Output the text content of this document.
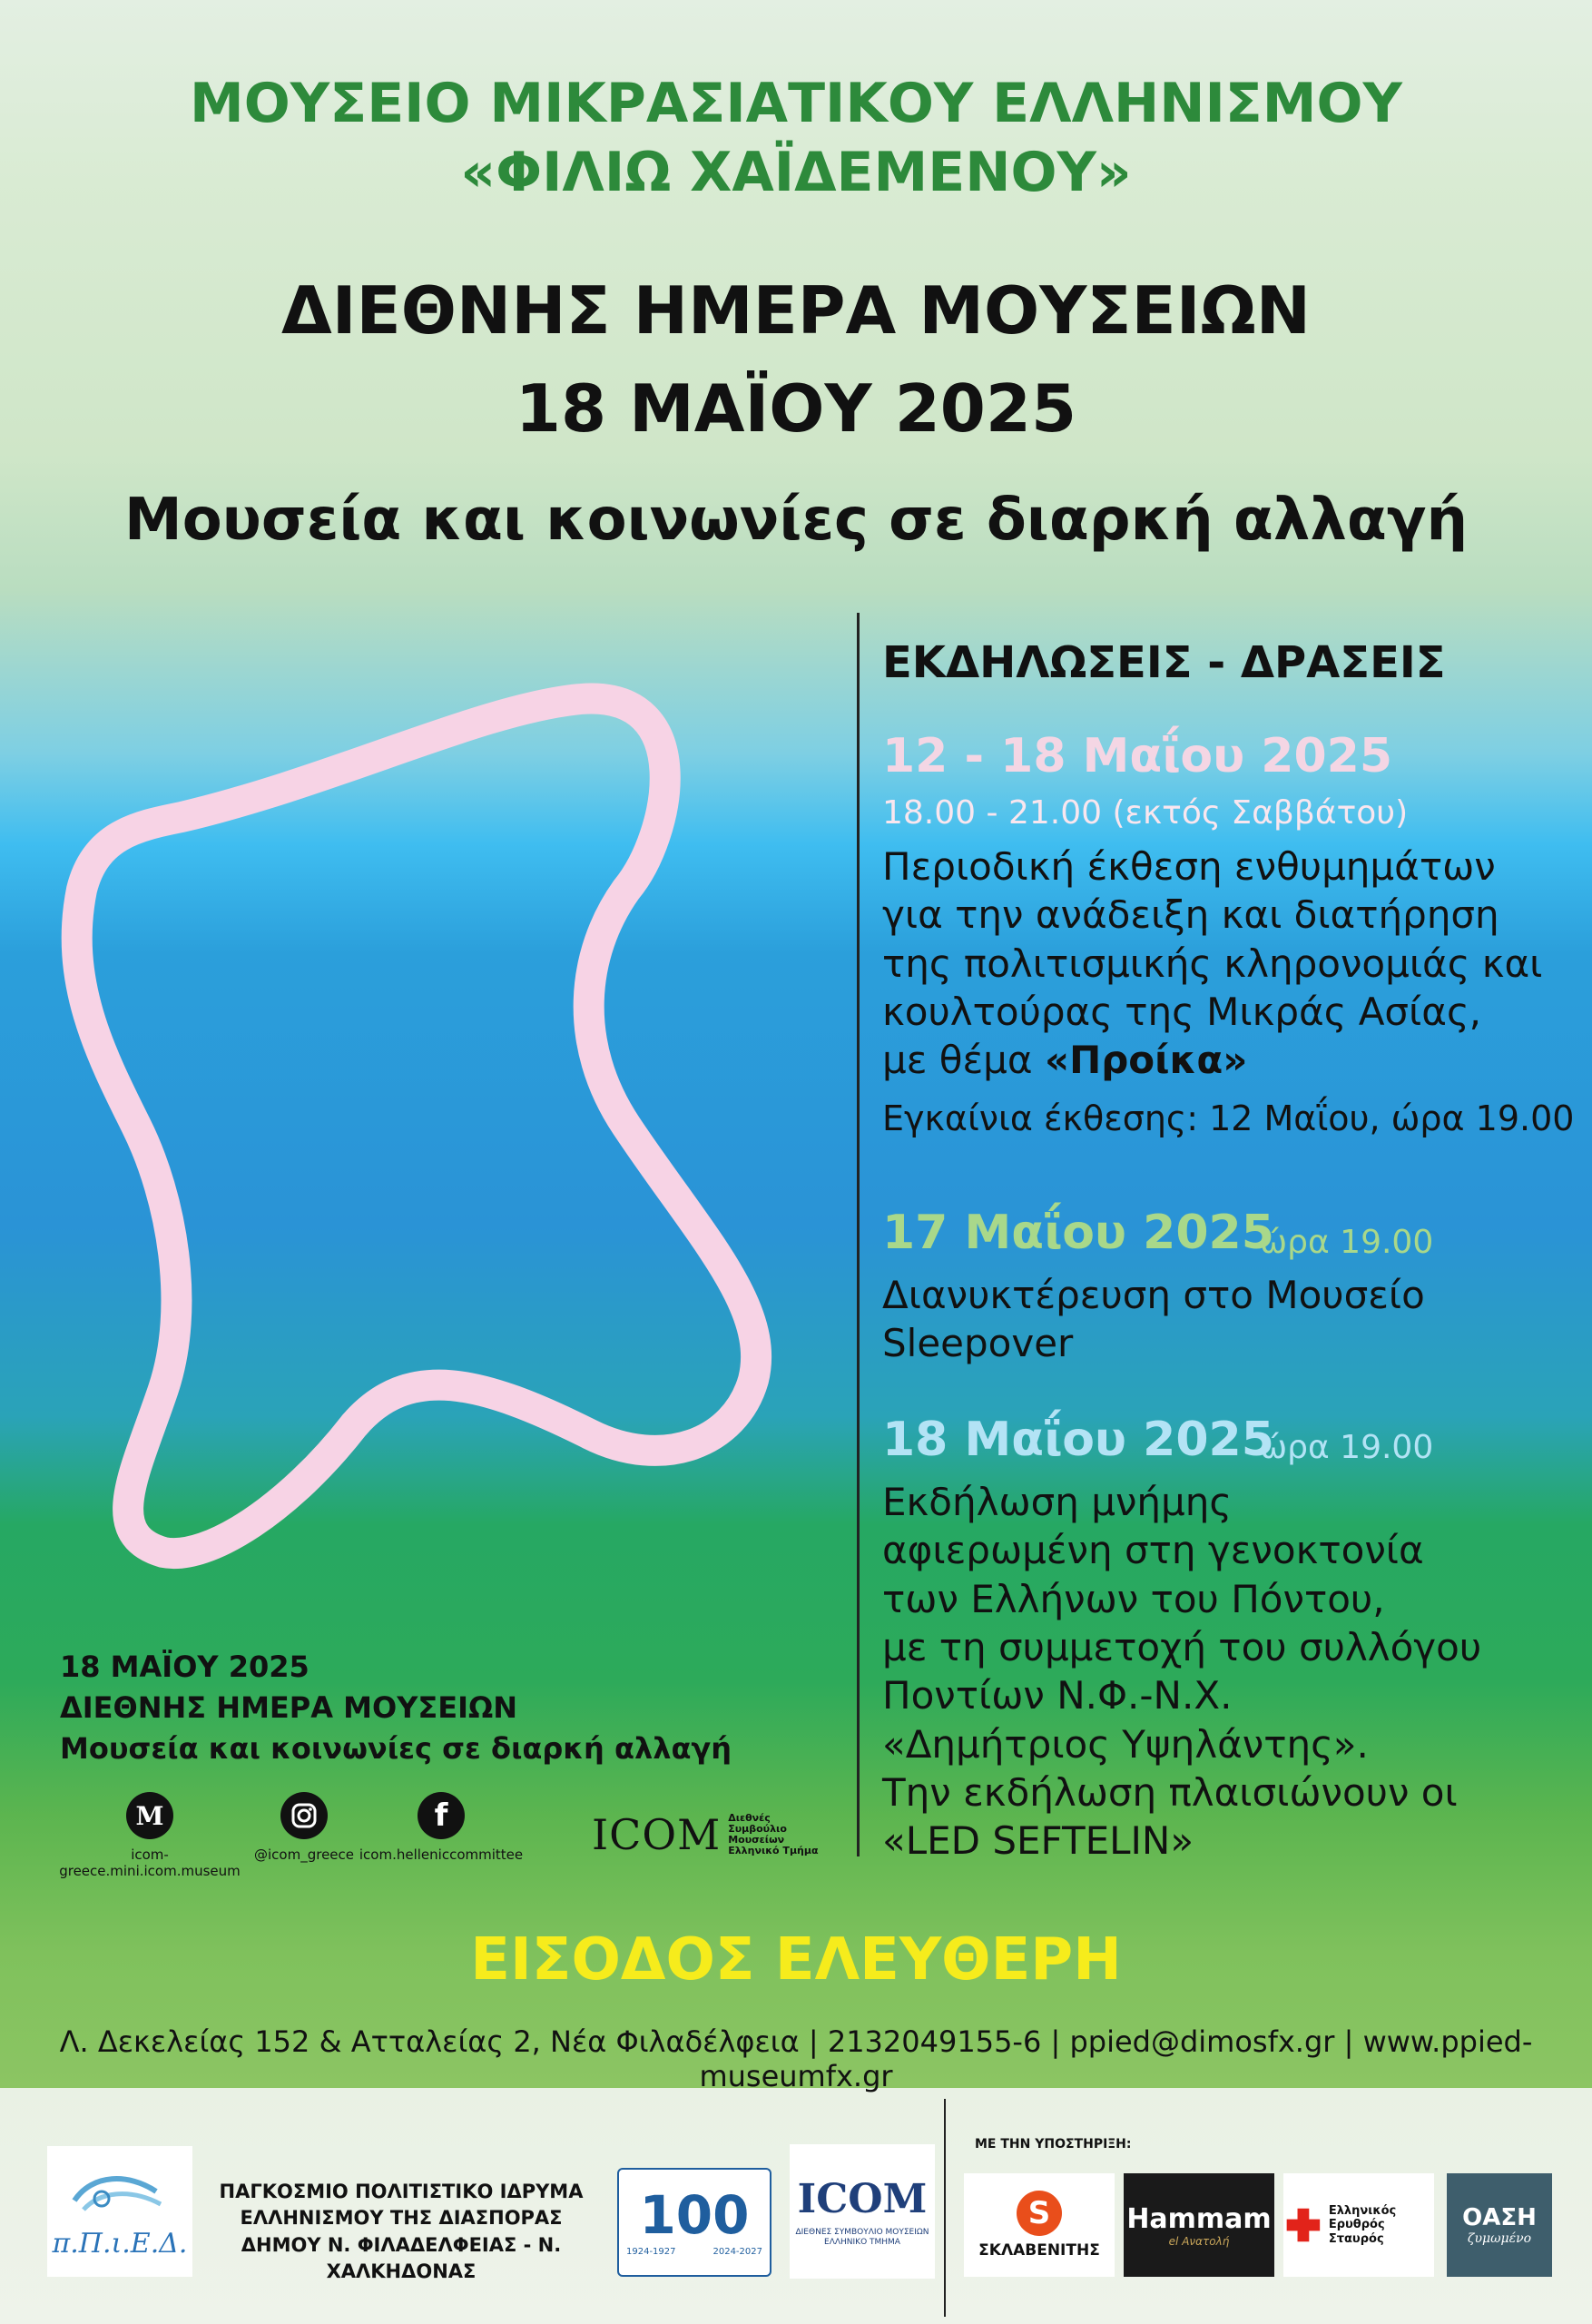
ΜΟΥΣΕΙΟ ΜΙΚΡΑΣΙΑΤΙΚΟΥ ΕΛΛΗΝΙΣΜΟΥ
«ΦΙΛΙΩ ΧΑΪΔΕΜΕΝΟΥ»
ΔΙΕΘΝΗΣ ΗΜΕΡΑ ΜΟΥΣΕΙΩΝ
18 ΜΑΪΟΥ 2025
Μουσεία και κοινωνίες σε διαρκή αλλαγή
ΕΚΔΗΛΩΣΕΙΣ - ΔΡΑΣΕΙΣ
12 - 18 Μαΐου 2025
18.00 - 21.00 (εκτός Σαββάτου)
Περιοδική έκθεση ενθυμημάτων
για την ανάδειξη και διατήρηση
της πολιτισμικής κληρονομιάς και
κουλτούρας της Μικράς Ασίας,
με θέμα «Προίκα»
Εγκαίνια έκθεσης: 12 Μαΐου, ώρα 19.00
17 Μαΐου 2025
ώρα 19.00
Διανυκτέρευση στο Μουσείο
Sleepover
18 Μαΐου 2025
ώρα 19.00
Εκδήλωση μνήμης
αφιερωμένη στη γενοκτονία
των Ελλήνων του Πόντου,
με τη συμμετοχή του συλλόγου
Ποντίων Ν.Φ.-Ν.Χ.
«Δημήτριος Υψηλάντης».
Την εκδήλωση πλαισιώνουν οι
«LED SEFTELIN»
18 ΜΑΪΟΥ 2025
ΔΙΕΘΝΗΣ ΗΜΕΡΑ ΜΟΥΣΕΙΩΝ
Μουσεία και κοινωνίες σε διαρκή αλλαγή
M
icom-greece.mini.icom.museum
@icom_greece
f
icom.helleniccommittee ICOM Διεθνές
Συμβούλιο
Μουσείων
Ελληνικό Τμήμα
ΕΙΣΟΔΟΣ ΕΛΕΥΘΕΡΗ
Λ. Δεκελείας 152 & Ατταλείας 2, Νέα Φιλαδέλφεια | 2132049155-6 | ppied@dimosfx.gr | www.ppied-museumfx.gr
π.Π.ι.Ε.Δ.
ΠΑΓΚΟΣΜΙΟ ΠΟΛΙΤΙΣΤΙΚΟ ΙΔΡΥΜΑ
ΕΛΛΗΝΙΣΜΟΥ ΤΗΣ ΔΙΑΣΠΟΡΑΣ
ΔΗΜΟΥ Ν. ΦΙΛΑΔΕΛΦΕΙΑΣ - Ν. ΧΑΛΚΗΔΟΝΑΣ
100
1924-1927	2024-2027
ICOM
ΔΙΕΘΝΕΣ ΣΥΜΒΟΥΛΙΟ ΜΟΥΣΕΙΩΝ
ΕΛΛΗΝΙΚΟ ΤΜΗΜΑ
ΜΕ ΤΗΝ ΥΠΟΣΤΗΡΙΞΗ:
S
ΣΚΛΑΒΕΝΙΤΗΣ
Hammam
el Ανατολή
Ελληνικός
Ερυθρός Σταυρός
ΟΑΣΗ
ζυμωμένο
